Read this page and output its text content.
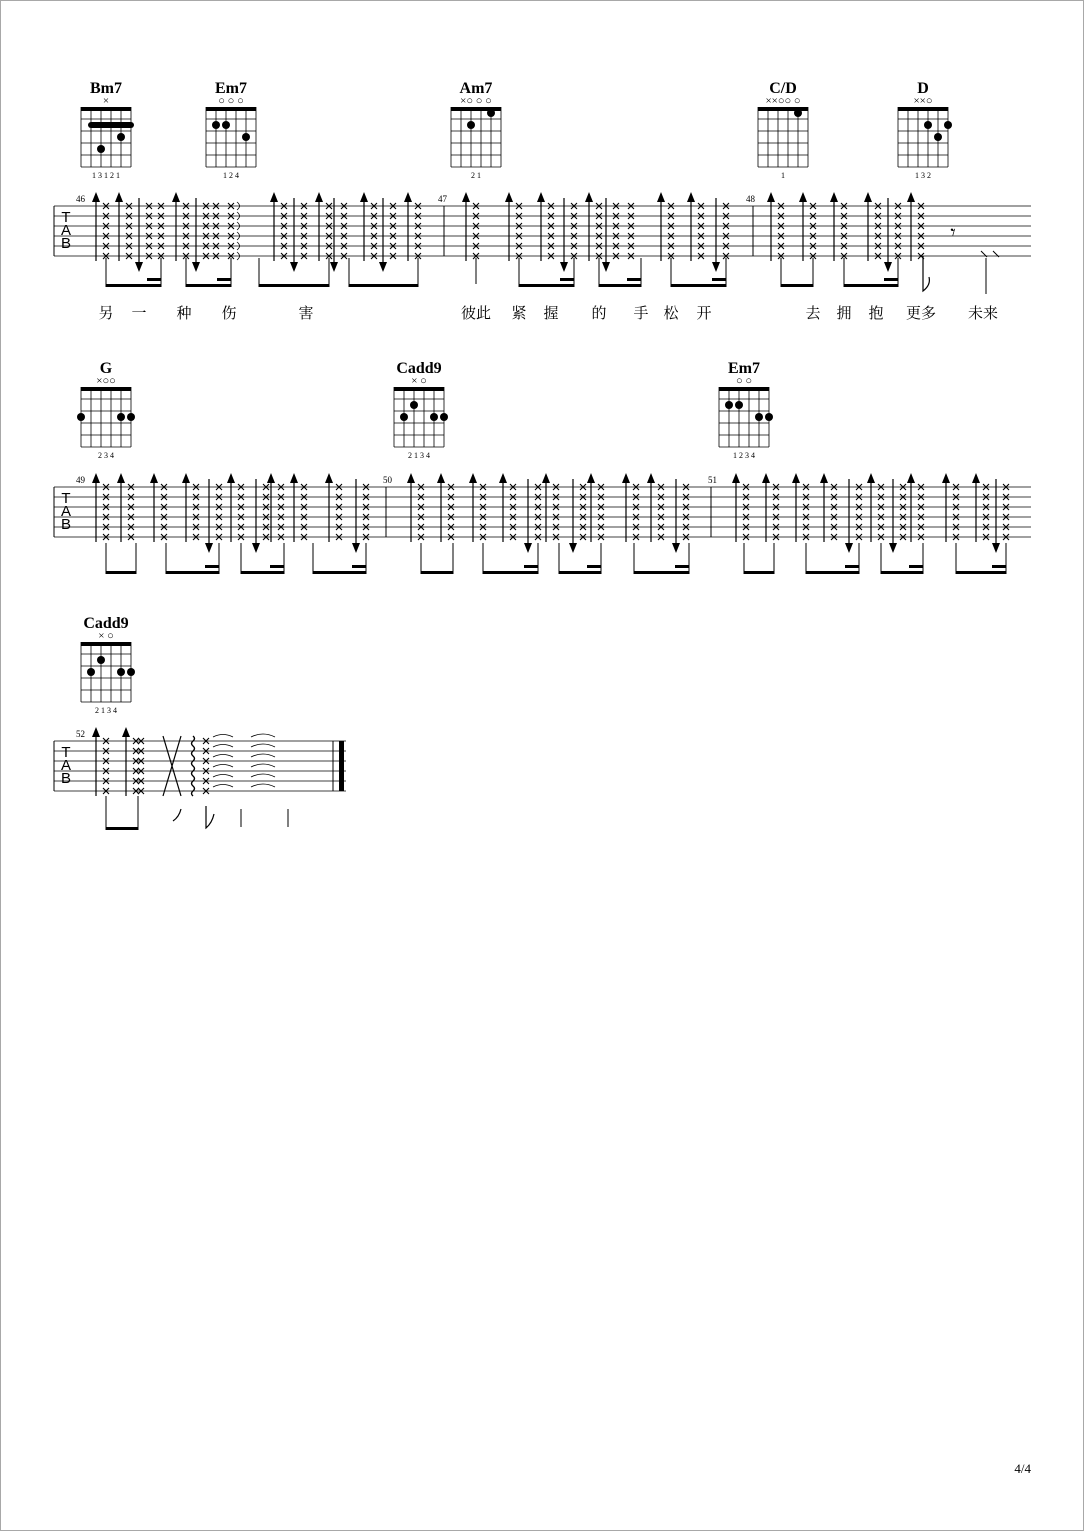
Bm7
×
1 3 1 2 1
Em7
○ ○ ○
1 2 4
Am7
×○ ○ ○
2 1
C/D
××○○ ○
1
D
××○
1 3 2
T
A
B
46	47	48
𝄾
另 一 种 伤	害	彼此 紧 握 的 手 松 开	去 拥 抱 更多 未来
G
×○○
2 3 4
Cadd9
× ○
2 1 3 4
Em7
○ ○
1 2 3 4
T
A
B
49	50	51
Cadd9
× ○
2 1 3 4
T
A
B
52
4/4
